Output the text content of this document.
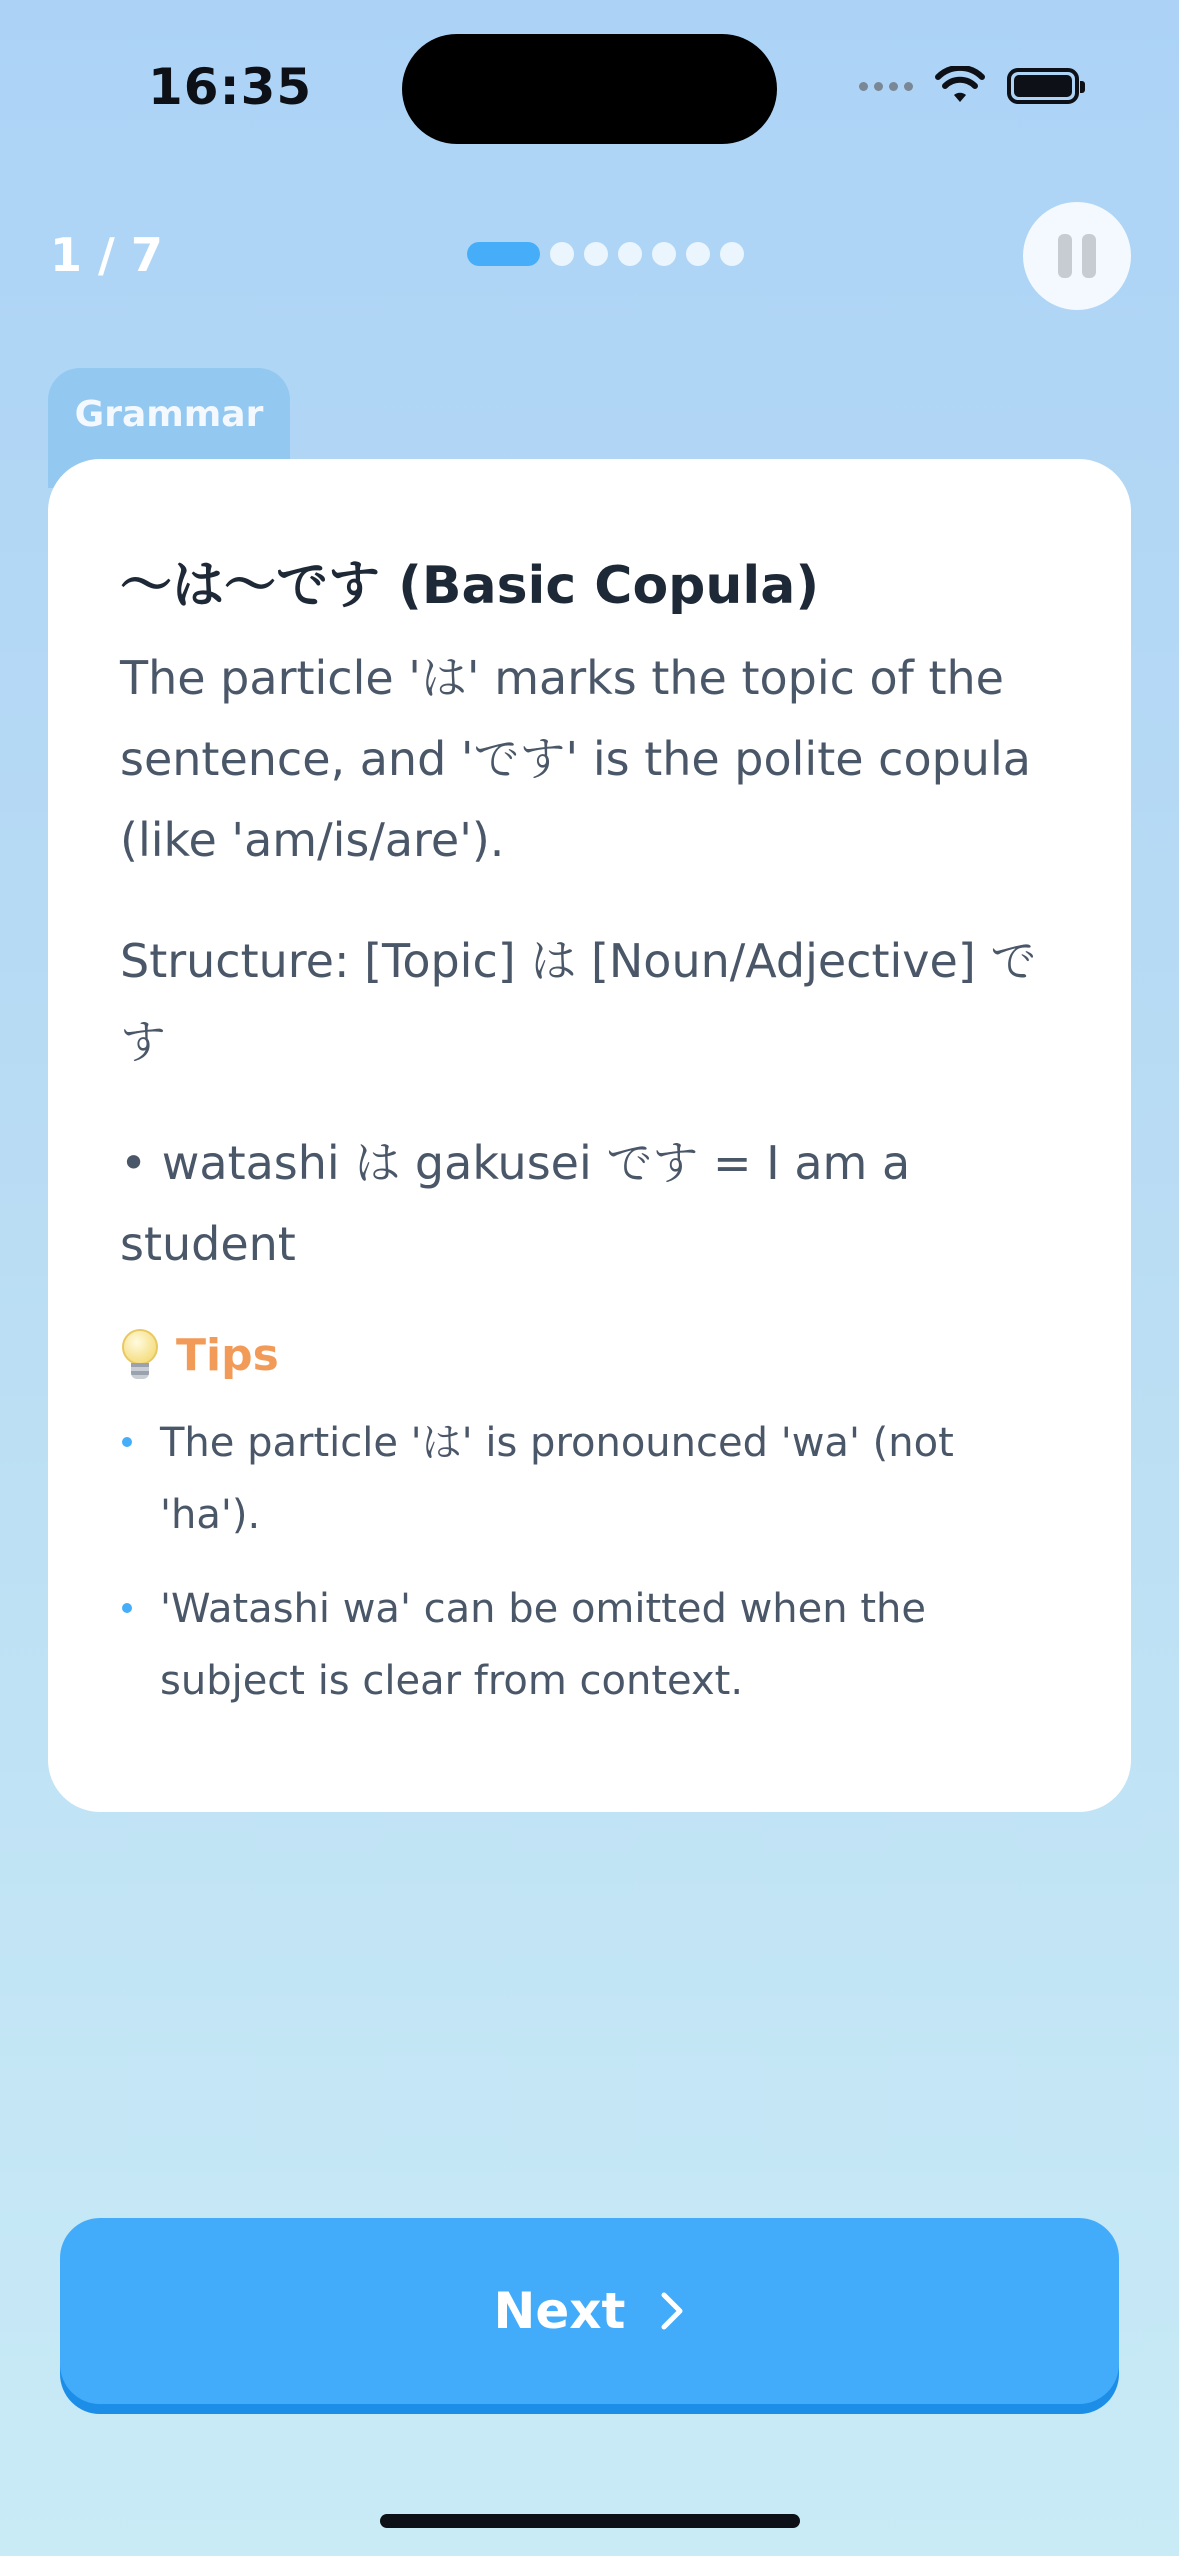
16:35
1 / 7
Grammar
〜は〜です (Basic Copula)

The particle 'は' marks the topic of the sentence, and 'です' is the polite copula (like 'am/is/are').

Structure: [Topic] は [Noun/Adjective] です

• watashi は gakusei です = I am a student

Tips
The particle 'は' is pronounced 'wa' (not 'ha').
'Watashi wa' can be omitted when the subject is clear from context.
Next
